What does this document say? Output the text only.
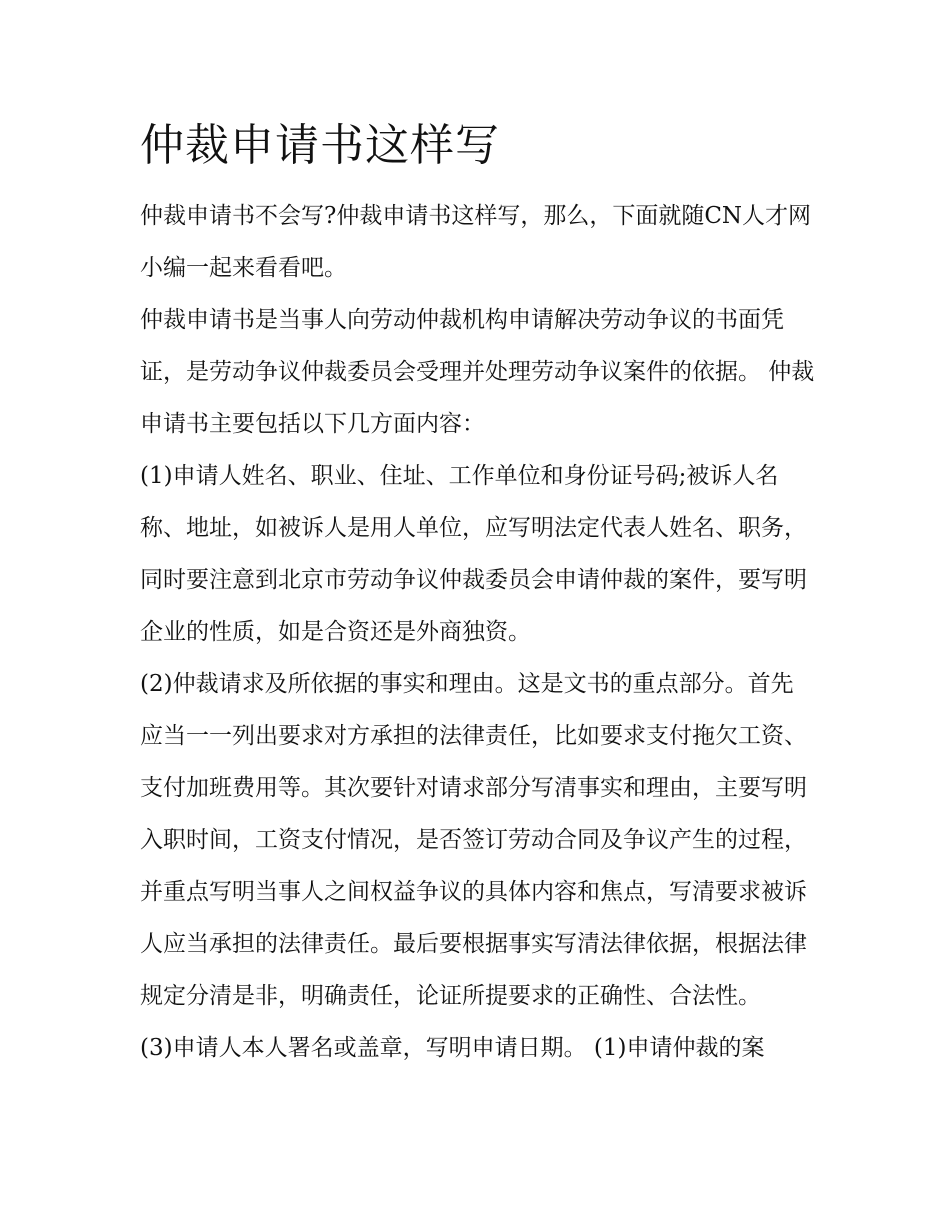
仲裁申请书这样写

仲裁申请书不会写?仲裁申请书这样写，那么，下面就随CN人才网小编一起来看看吧。

仲裁申请书是当事人向劳动仲裁机构申请解决劳动争议的书面凭证，是劳动争议仲裁委员会受理并处理劳动争议案件的依据。 仲裁申请书主要包括以下几方面内容：

(1)申请人姓名、职业、住址、工作单位和身份证号码;被诉人名称、地址，如被诉人是用人单位，应写明法定代表人姓名、职务，同时要注意到北京市劳动争议仲裁委员会申请仲裁的案件，要写明企业的性质，如是合资还是外商独资。

(2)仲裁请求及所依据的事实和理由。这是文书的重点部分。首先应当一一列出要求对方承担的法律责任，比如要求支付拖欠工资、支付加班费用等。其次要针对请求部分写清事实和理由，主要写明入职时间，工资支付情况，是否签订劳动合同及争议产生的过程，并重点写明当事人之间权益争议的具体内容和焦点，写清要求被诉人应当承担的法律责任。最后要根据事实写清法律依据，根据法律规定分清是非，明确责任，论证所提要求的正确性、合法性。

(3)申请人本人署名或盖章，写明申请日期。 (1)申请仲裁的案
